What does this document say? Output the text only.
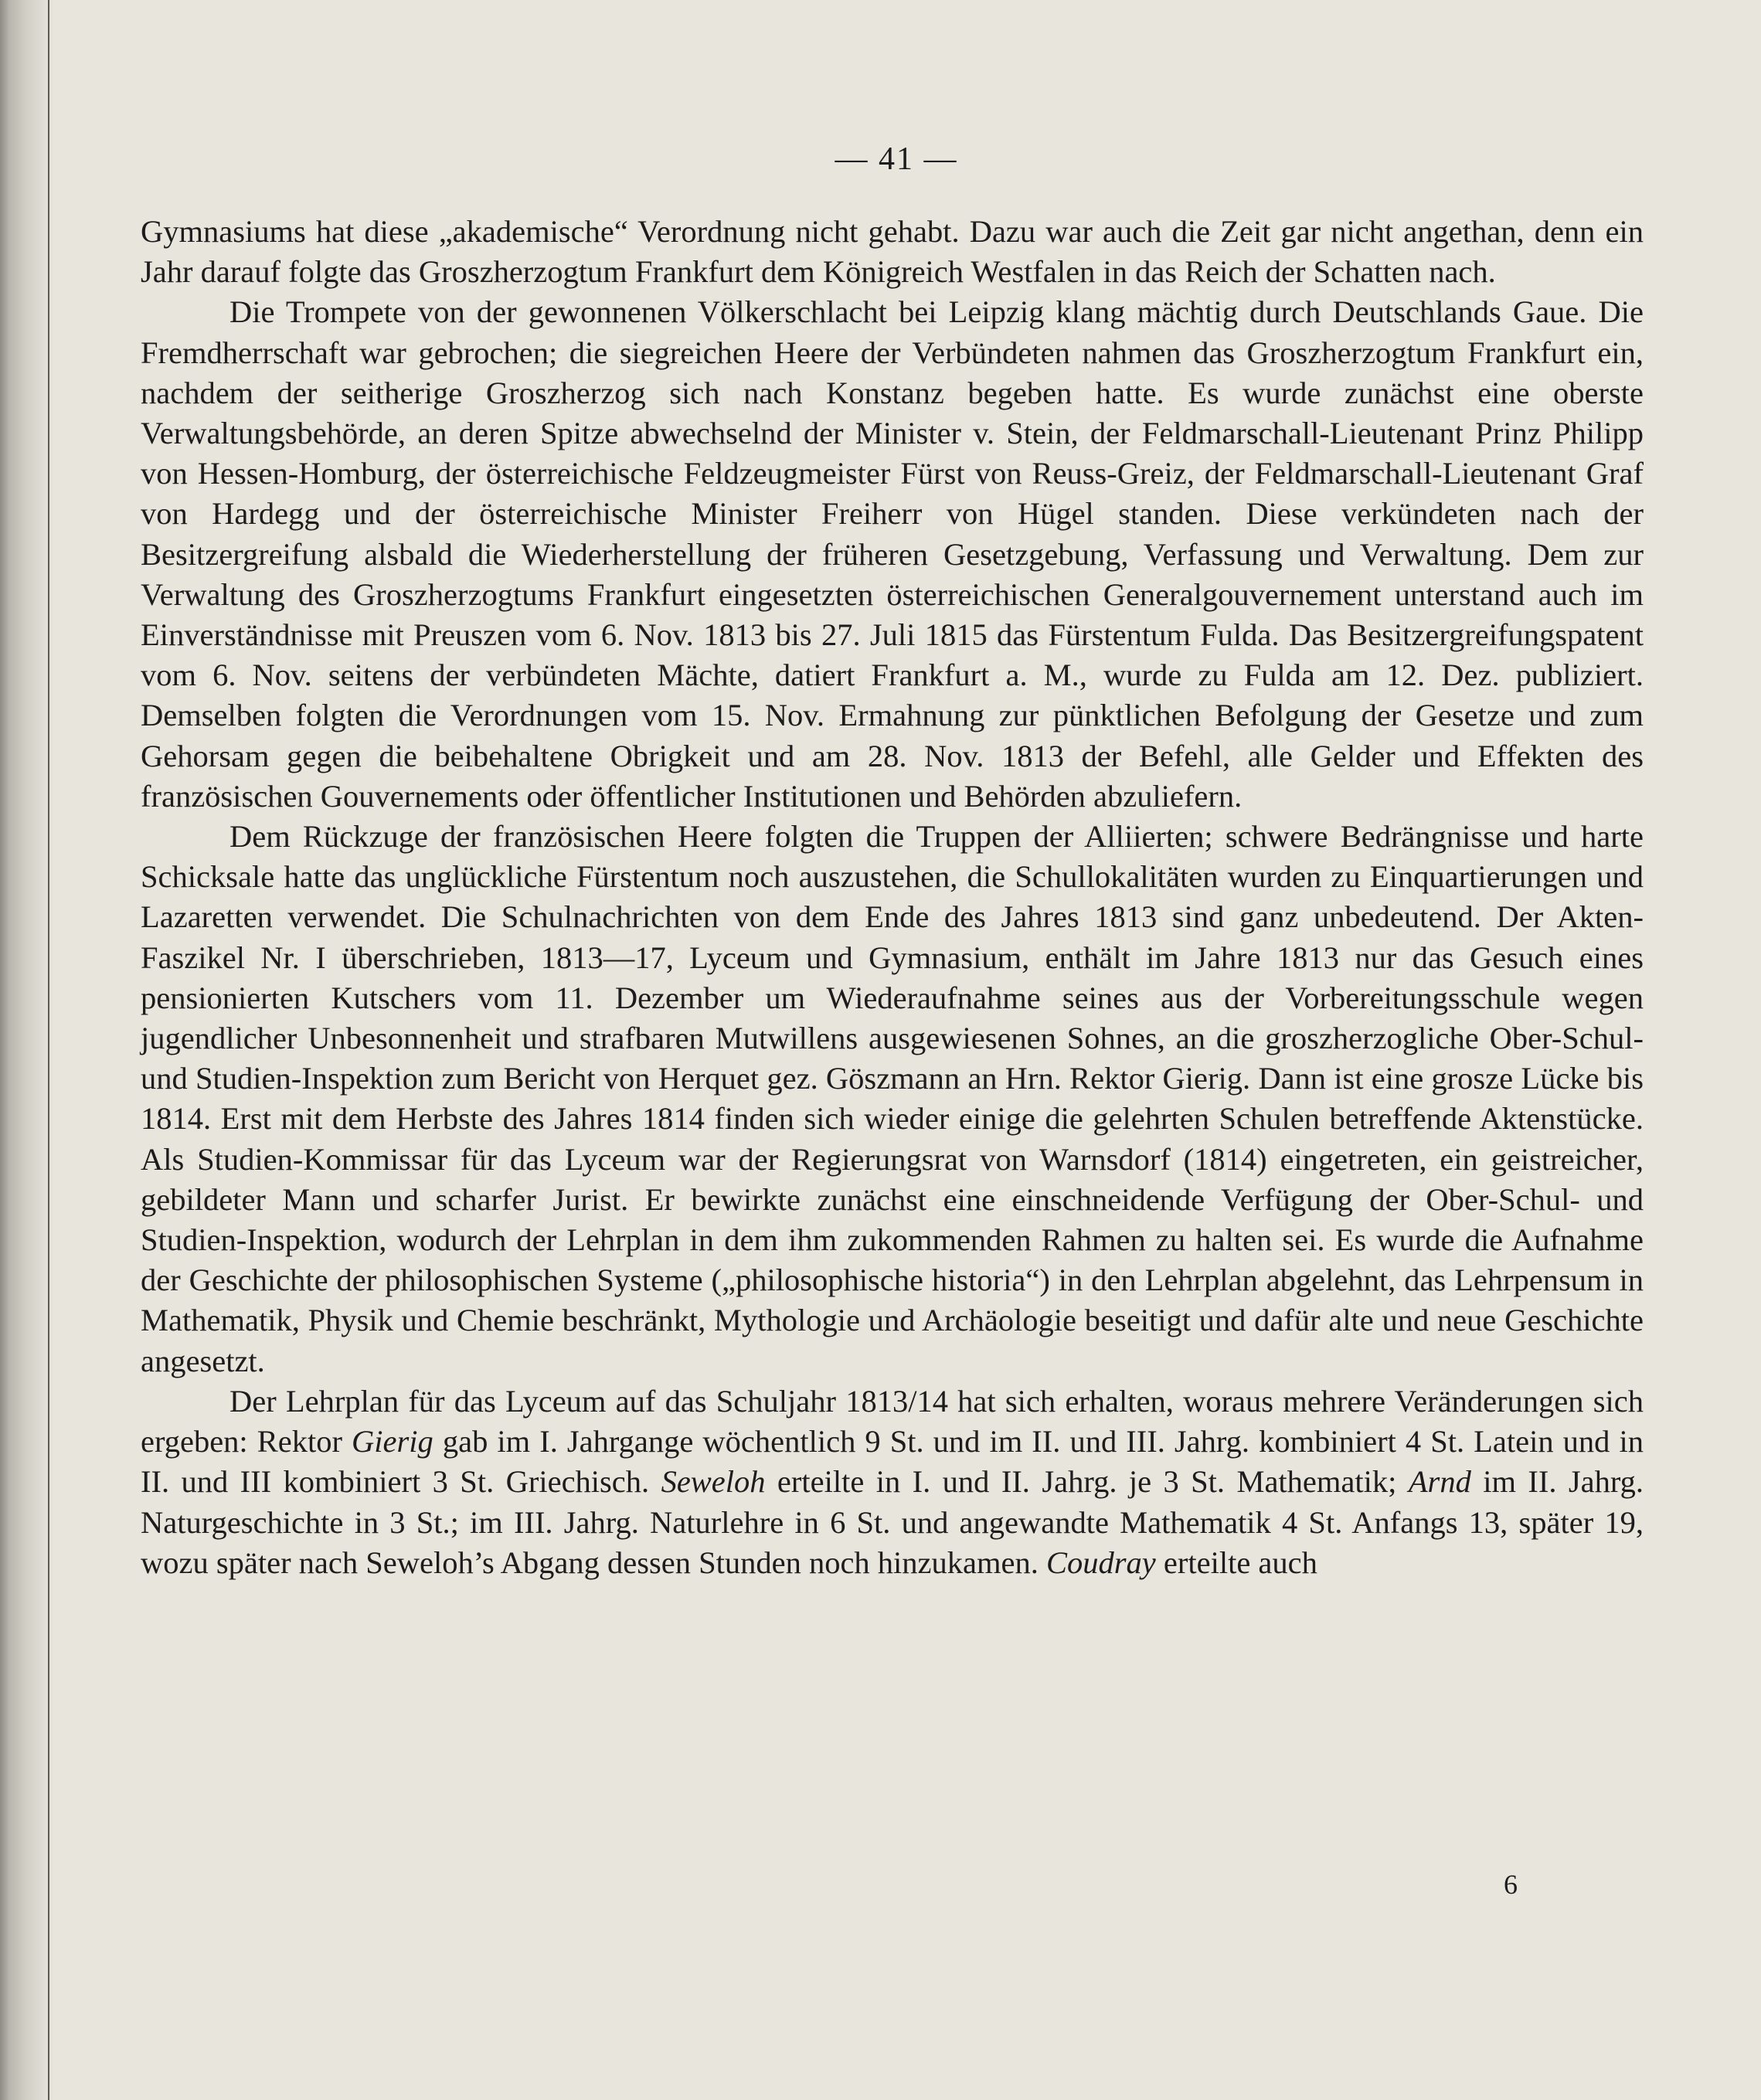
— 41 —

Gymnasiums hat diese „akademische“ Verordnung nicht gehabt. Dazu war auch die Zeit gar nicht angethan, denn ein Jahr darauf folgte das Groszherzogtum Frankfurt dem Königreich Westfalen in das Reich der Schatten nach.

Die Trompete von der gewonnenen Völkerschlacht bei Leipzig klang mächtig durch Deutschlands Gaue. Die Fremdherrschaft war gebrochen; die siegreichen Heere der Verbündeten nahmen das Groszherzogtum Frankfurt ein, nachdem der seitherige Groszherzog sich nach Konstanz begeben hatte. Es wurde zunächst eine oberste Verwaltungsbehörde, an deren Spitze abwechselnd der Minister v. Stein, der Feldmarschall-Lieutenant Prinz Philipp von Hessen-Homburg, der österreichische Feldzeugmeister Fürst von Reuss-Greiz, der Feldmarschall-Lieutenant Graf von Hardegg und der österreichische Minister Freiherr von Hügel standen. Diese verkündeten nach der Besitzergreifung alsbald die Wiederherstellung der früheren Gesetzgebung, Verfassung und Verwaltung. Dem zur Verwaltung des Groszherzogtums Frankfurt eingesetzten österreichischen Generalgouvernement unterstand auch im Einverständnisse mit Preuszen vom 6. Nov. 1813 bis 27. Juli 1815 das Fürstentum Fulda. Das Besitzergreifungspatent vom 6. Nov. seitens der verbündeten Mächte, datiert Frankfurt a. M., wurde zu Fulda am 12. Dez. publiziert. Demselben folgten die Verordnungen vom 15. Nov. Ermahnung zur pünktlichen Befolgung der Gesetze und zum Gehorsam gegen die beibehaltene Obrigkeit und am 28. Nov. 1813 der Befehl, alle Gelder und Effekten des französischen Gouvernements oder öffentlicher Institutionen und Behörden abzuliefern.

Dem Rückzuge der französischen Heere folgten die Truppen der Alliierten; schwere Bedrängnisse und harte Schicksale hatte das unglückliche Fürstentum noch auszustehen, die Schullokalitäten wurden zu Einquartierungen und Lazaretten verwendet. Die Schulnachrichten von dem Ende des Jahres 1813 sind ganz unbedeutend. Der Akten-Faszikel Nr. I überschrieben, 1813—17, Lyceum und Gymnasium, enthält im Jahre 1813 nur das Gesuch eines pensionierten Kutschers vom 11. Dezember um Wiederaufnahme seines aus der Vorbereitungsschule wegen jugendlicher Unbesonnenheit und strafbaren Mutwillens ausgewiesenen Sohnes, an die groszherzogliche Ober-Schul- und Studien-Inspektion zum Bericht von Herquet gez. Göszmann an Hrn. Rektor Gierig. Dann ist eine grosze Lücke bis 1814. Erst mit dem Herbste des Jahres 1814 finden sich wieder einige die gelehrten Schulen betreffende Aktenstücke. Als Studien-Kommissar für das Lyceum war der Regierungsrat von Warnsdorf (1814) eingetreten, ein geistreicher, gebildeter Mann und scharfer Jurist. Er bewirkte zunächst eine einschneidende Verfügung der Ober-Schul- und Studien-Inspektion, wodurch der Lehrplan in dem ihm zukommenden Rahmen zu halten sei. Es wurde die Aufnahme der Geschichte der philosophischen Systeme („philosophische historia“) in den Lehrplan abgelehnt, das Lehrpensum in Mathematik, Physik und Chemie beschränkt, Mythologie und Archäologie beseitigt und dafür alte und neue Geschichte angesetzt.

Der Lehrplan für das Lyceum auf das Schuljahr 1813/14 hat sich erhalten, woraus mehrere Veränderungen sich ergeben: Rektor Gierig gab im I. Jahrgange wöchentlich 9 St. und im II. und III. Jahrg. kombiniert 4 St. Latein und in II. und III kombiniert 3 St. Griechisch. Seweloh erteilte in I. und II. Jahrg. je 3 St. Mathematik; Arnd im II. Jahrg. Naturgeschichte in 3 St.; im III. Jahrg. Naturlehre in 6 St. und angewandte Mathematik 4 St. Anfangs 13, später 19, wozu später nach Seweloh’s Abgang dessen Stunden noch hinzukamen. Coudray erteilte auch

6
